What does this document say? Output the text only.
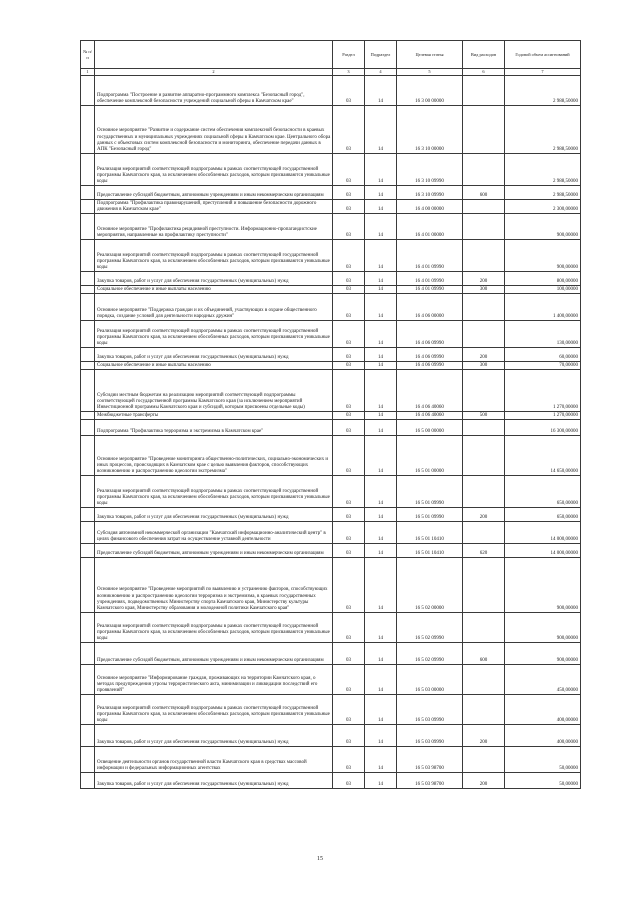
№ п/п		Раздел	Подраздел	Целевая статья	Вид расходов	Годовой объем ассигнований
1	2	3	4	5	6	7
	Подпрограмма "Построение и развитие аппаратно-программного комплекса "Безопасный город", обеспечение комплексной безопасности учреждений социальной сферы в Камчатском крае"	03	14	16 3 00 00000		2 988,50000
	Основное мероприятие "Развитие и содержание систем обеспечения комплексной безопасности в краевых государственных и муниципальных учреждениях социальной сферы в Камчатском крае. Центрального обора данных с объектовых систем комплексной безопасности и мониторинга, обеспечение передачи данных в АПК "Безопасный город"	03	14	16 3 10 00000		2 988,50000
	Реализация мероприятий соответствующей подпрограммы в рамках соответствующей государственной программы Камчатского края, за исключением обособленных расходов, которым присваиваются уникальные коды	03	14	16 3 10 09990		2 988,50000
	Предоставление субсидий бюджетным, автономным учреждениям и иным некоммерческим организациям	03	14	16 3 10 09990	600	2 988,50000
	Подпрограмма "Профилактика правонарушений, преступлений и повышение безопасности дорожного движения в Камчатском крае"	03	14	16 4 00 00000		2 300,00000
	Основное мероприятие "Профилактика рецидивной преступности. Информационно-пропагандистские мероприятия, направленные на профилактику преступности"	03	14	16 4 01 00000		900,00000
	Реализация мероприятий соответствующей подпрограммы в рамках соответствующей государственной программы Камчатского края, за исключением обособленных расходов, которым присваиваются уникальные коды	03	14	16 4 01 09990		900,00000
	Закупка товаров, работ и услуг для обеспечения государственных (муниципальных) нужд	03	14	16 4 01 09990	200	800,00000
	Социальное обеспечение и иные выплаты населению	03	14	16 4 01 09990	300	100,00000
	Основное мероприятие "Поддержка граждан и их объединений, участвующих в охране общественного порядка, создание условий для деятельности народных дружин"	03	14	16 4 06 00000		1 400,00000
	Реализация мероприятий соответствующей подпрограммы в рамках соответствующей государственной программы Камчатского края, за исключением обособленных расходов, которым присваиваются уникальные коды	03	14	16 4 06 09990		130,00000
	Закупка товаров, работ и услуг для обеспечения государственных (муниципальных) нужд	03	14	16 4 06 09990	200	60,00000
	Социальное обеспечение и иные выплаты населению	03	14	16 4 06 09990	300	70,00000
	Субсидии местным бюджетам на реализацию мероприятий соответствующей подпрограммы соответствующей государственной программы Камчатского края (за исключением мероприятий Инвестиционной программы Камчатского края и субсидий, которым присвоены отдельные коды)	03	14	16 4 06 40060		1 270,00000
	Межбюджетные трансферты	03	14	16 4 06 40060	500	1 270,00000
	Подпрограмма "Профилактика терроризма и экстремизма в Камчатском крае"	03	14	16 5 00 00000		16 300,00000
	Основное мероприятие "Проведение мониторинга общественно-политических, социально-экономических и иных процессов, происходящих в Камчатском крае с целью выявления факторов, способствующих возникновению и распространению идеологии экстремизма"	03	14	16 5 01 00000		14 650,00000
	Реализация мероприятий соответствующей подпрограммы в рамках соответствующей государственной программы Камчатского края, за исключением обособленных расходов, которым присваиваются уникальные коды	03	14	16 5 01 09990		650,00000
	Закупка товаров, работ и услуг для обеспечения государственных (муниципальных) нужд	03	14	16 5 01 09990	200	650,00000
	Субсидия автономной некоммерческой организации "Камчатский информационно-аналитический центр" в целях финансового обеспечения затрат на осуществление уставной деятельности	03	14	16 5 01 10410		14 000,00000
	Предоставление субсидий бюджетным, автономным учреждениям и иным некоммерческим организациям	03	14	16 5 01 10410	620	14 000,00000
	Основное мероприятие "Проведение мероприятий по выявлению и устранению факторов, способствующих возникновению и распространению идеологии терроризма и экстремизма, в краевых государственных учреждениях, подведомственных Министерству спорта Камчатского края, Министерству культуры Камчатского края, Министерству образования и молодежной политики Камчатского края"	03	14	16 5 02 00000		900,00000
	Реализация мероприятий соответствующей подпрограммы в рамках соответствующей государственной программы Камчатского края, за исключением обособленных расходов, которым присваиваются уникальные коды	03	14	16 5 02 09990		900,00000
	Предоставление субсидий бюджетным, автономным учреждениям и иным некоммерческим организациям	03	14	16 5 02 09990	600	900,00000
	Основное мероприятие "Информирование граждан, проживающих на территории Камчатского края, о методах предупреждения угрозы террористического акта, минимизации и ликвидации последствий его проявлений"	03	14	16 5 03 00000		450,00000
	Реализация мероприятий соответствующей подпрограммы в рамках соответствующей государственной программы Камчатского края, за исключением обособленных расходов, которым присваиваются уникальные коды	03	14	16 5 03 09990		400,00000
	Закупка товаров, работ и услуг для обеспечения государственных (муниципальных) нужд	03	14	16 5 03 09990	200	400,00000
	Освещение деятельности органов государственной власти Камчатского края в средствах массовой информации и федеральных информационных агентствах	03	14	16 5 03 98700		50,00000
	Закупка товаров, работ и услуг для обеспечения государственных (муниципальных) нужд	03	14	16 5 03 98700	200	50,00000
15
